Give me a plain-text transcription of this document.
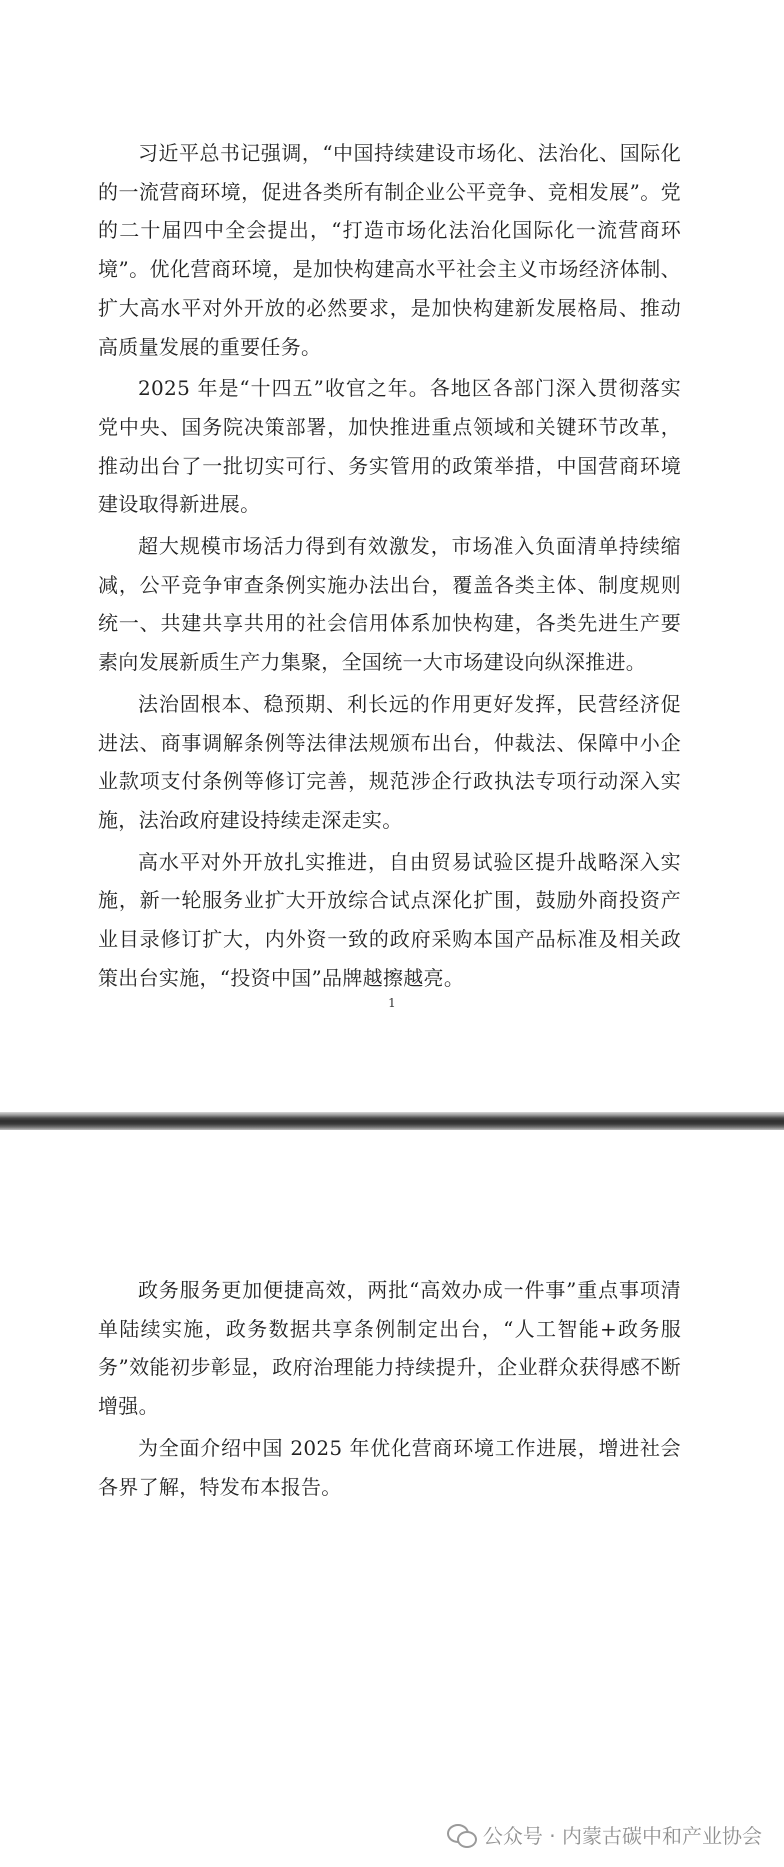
习近平总书记强调，“中国持续建设市场化、法治化、国际化的一流营商环境，促进各类所有制企业公平竞争、竞相发展”。党的二十届四中全会提出，“打造市场化法治化国际化一流营商环境”。优化营商环境，是加快构建高水平社会主义市场经济体制、扩大高水平对外开放的必然要求，是加快构建新发展格局、推动高质量发展的重要任务。

2025 年是“十四五”收官之年。各地区各部门深入贯彻落实党中央、国务院决策部署，加快推进重点领域和关键环节改革，推动出台了一批切实可行、务实管用的政策举措，中国营商环境建设取得新进展。

超大规模市场活力得到有效激发，市场准入负面清单持续缩减，公平竞争审查条例实施办法出台，覆盖各类主体、制度规则统一、共建共享共用的社会信用体系加快构建，各类先进生产要素向发展新质生产力集聚，全国统一大市场建设向纵深推进。

法治固根本、稳预期、利长远的作用更好发挥，民营经济促进法、商事调解条例等法律法规颁布出台，仲裁法、保障中小企业款项支付条例等修订完善，规范涉企行政执法专项行动深入实施，法治政府建设持续走深走实。

高水平对外开放扎实推进，自由贸易试验区提升战略深入实施，新一轮服务业扩大开放综合试点深化扩围，鼓励外商投资产业目录修订扩大，内外资一致的政府采购本国产品标准及相关政策出台实施，“投资中国”品牌越擦越亮。

1

政务服务更加便捷高效，两批“高效办成一件事”重点事项清单陆续实施，政务数据共享条例制定出台，“人工智能+政务服务”效能初步彰显，政府治理能力持续提升，企业群众获得感不断增强。

为全面介绍中国 2025 年优化营商环境工作进展，增进社会各界了解，特发布本报告。

公众号 · 内蒙古碳中和产业协会
